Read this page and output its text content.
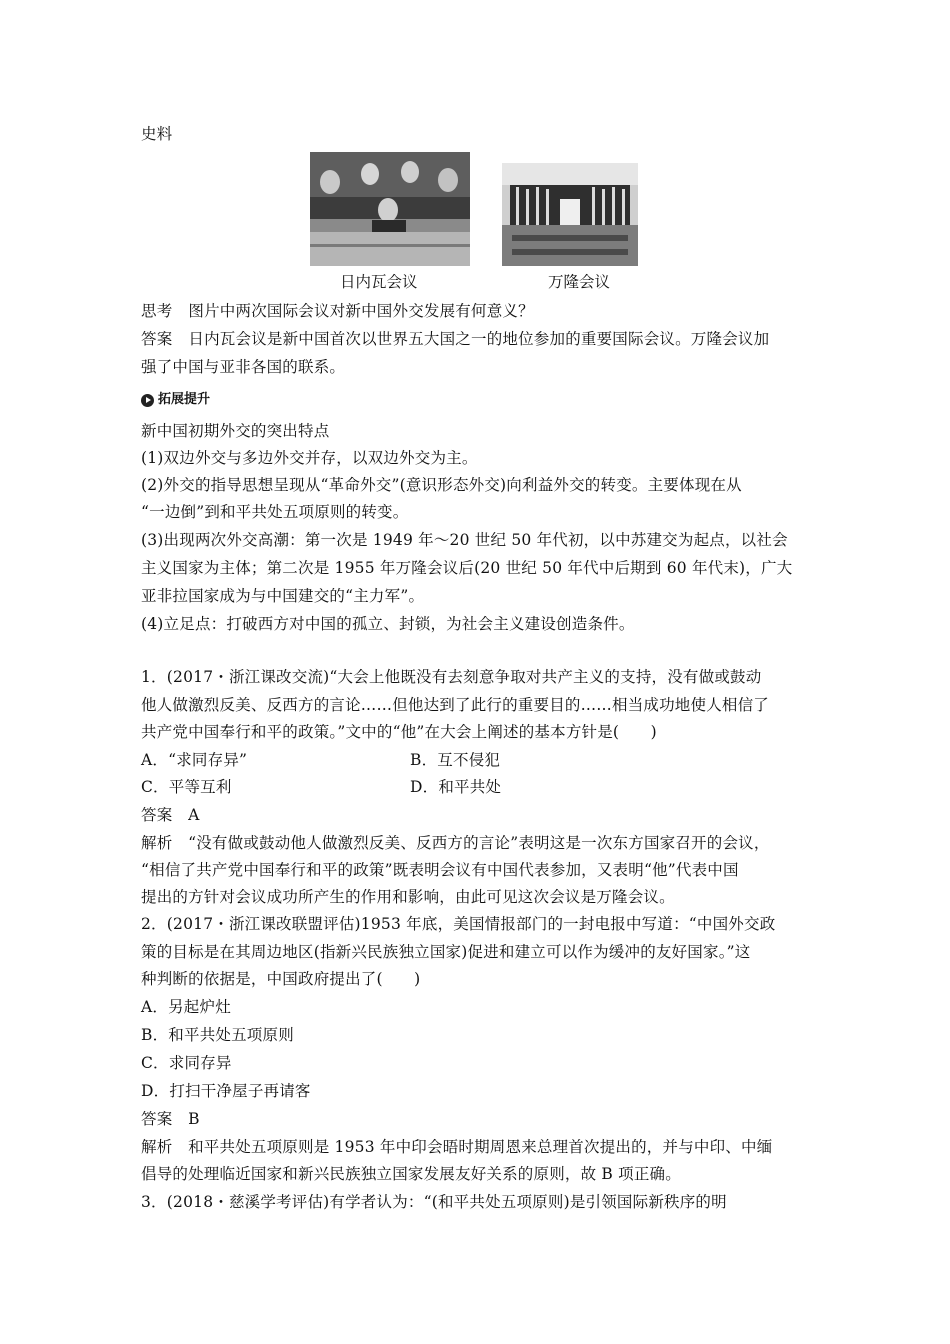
史料
日内瓦会议	万隆会议
思考 图片中两次国际会议对新中国外交发展有何意义？
答案 日内瓦会议是新中国首次以世界五大国之一的地位参加的重要国际会议。万隆会议加
强了中国与亚非各国的联系。
拓展提升
新中国初期外交的突出特点
(1)双边外交与多边外交并存，以双边外交为主。
(2)外交的指导思想呈现从“革命外交”(意识形态外交)向利益外交的转变。主要体现在从
“一边倒”到和平共处五项原则的转变。
(3)出现两次外交高潮：第一次是 1949 年～20 世纪 50 年代初，以中苏建交为起点，以社会
主义国家为主体；第二次是 1955 年万隆会议后(20 世纪 50 年代中后期到 60 年代末)，广大
亚非拉国家成为与中国建交的“主力军”。
(4)立足点：打破西方对中国的孤立、封锁，为社会主义建设创造条件。
1．(2017・浙江课改交流)“大会上他既没有去刻意争取对共产主义的支持，没有做或鼓动
他人做激烈反美、反西方的言论……但他达到了此行的重要目的……相当成功地使人相信了
共产党中国奉行和平的政策。”文中的“他”在大会上阐述的基本方针是(　　)
A．“求同存异”	B．互不侵犯
C．平等互利	D．和平共处
答案　A
解析　“没有做或鼓动他人做激烈反美、反西方的言论”表明这是一次东方国家召开的会议，
“相信了共产党中国奉行和平的政策”既表明会议有中国代表参加，又表明“他”代表中国
提出的方针对会议成功所产生的作用和影响，由此可见这次会议是万隆会议。
2．(2017・浙江课改联盟评估)1953 年底，美国情报部门的一封电报中写道：“中国外交政
策的目标是在其周边地区(指新兴民族独立国家)促进和建立可以作为缓冲的友好国家。”这
种判断的依据是，中国政府提出了(　　)
A．另起炉灶
B．和平共处五项原则
C．求同存异
D．打扫干净屋子再请客
答案　B
解析　和平共处五项原则是 1953 年中印会晤时期周恩来总理首次提出的，并与中印、中缅
倡导的处理临近国家和新兴民族独立国家发展友好关系的原则，故 B 项正确。
3．(2018・慈溪学考评估)有学者认为：“(和平共处五项原则)是引领国际新秩序的明
